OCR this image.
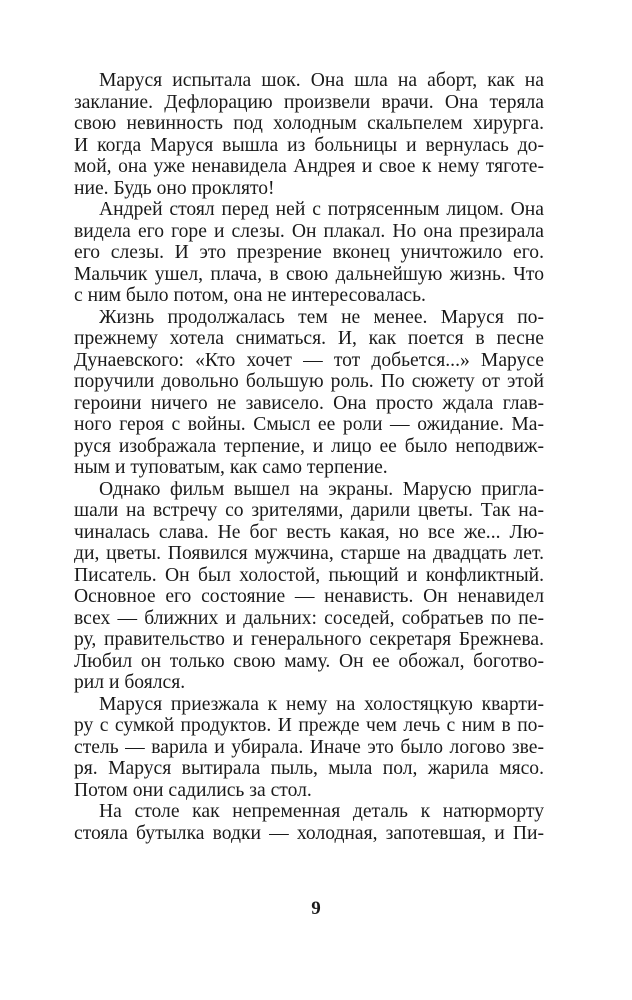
Маруся испытала шок. Она шла на аборт, как на
заклание. Дефлорацию произвели врачи. Она теряла
свою невинность под холодным скальпелем хирурга.
И когда Маруся вышла из больницы и вернулась до-
мой, она уже ненавидела Андрея и свое к нему тяготе-
ние. Будь оно проклято!
Андрей стоял перед ней с потрясенным лицом. Она
видела его горе и слезы. Он плакал. Но она презирала
его слезы. И это презрение вконец уничтожило его.
Мальчик ушел, плача, в свою дальнейшую жизнь. Что
с ним было потом, она не интересовалась.
Жизнь продолжалась тем не менее. Маруся по-
прежнему хотела сниматься. И, как поется в песне
Дунаевского: «Кто хочет — тот добьется...» Марусе
поручили довольно большую роль. По сюжету от этой
героини ничего не зависело. Она просто ждала глав-
ного героя с войны. Смысл ее роли — ожидание. Ма-
руся изображала терпение, и лицо ее было неподвиж-
ным и туповатым, как само терпение.
Однако фильм вышел на экраны. Марусю пригла-
шали на встречу со зрителями, дарили цветы. Так на-
чиналась слава. Не бог весть какая, но все же... Лю-
ди, цветы. Появился мужчина, старше на двадцать лет.
Писатель. Он был холостой, пьющий и конфликтный.
Основное его состояние — ненависть. Он ненавидел
всех — ближних и дальних: соседей, собратьев по пе-
ру, правительство и генерального секретаря Брежнева.
Любил он только свою маму. Он ее обожал, боготво-
рил и боялся.
Маруся приезжала к нему на холостяцкую кварти-
ру с сумкой продуктов. И прежде чем лечь с ним в по-
стель — варила и убирала. Иначе это было логово зве-
ря. Маруся вытирала пыль, мыла пол, жарила мясо.
Потом они садились за стол.
На столе как непременная деталь к натюрморту
стояла бутылка водки — холодная, запотевшая, и Пи-
9
